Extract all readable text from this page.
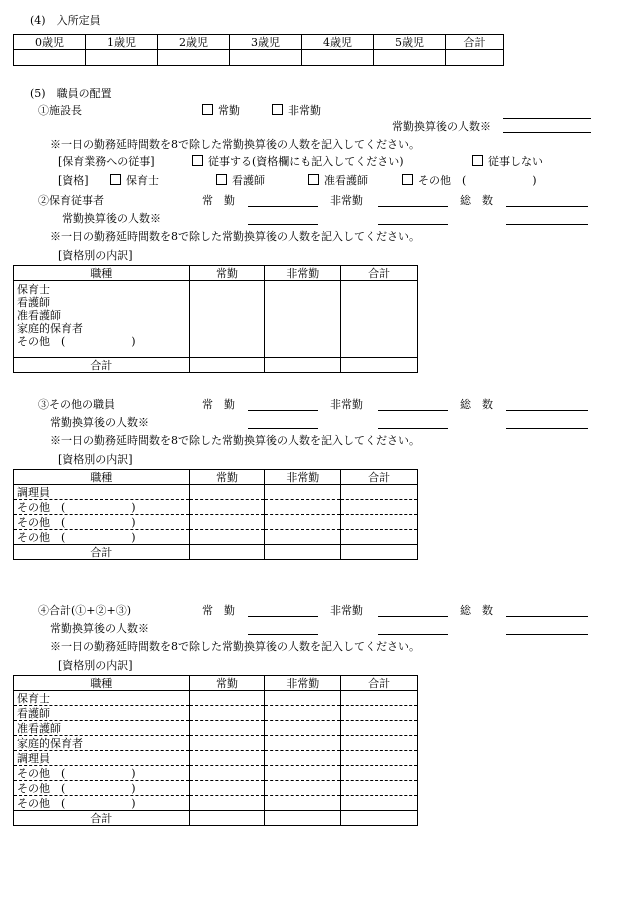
(4)　入所定員
0歳児	1歳児	2歳児	3歳児	4歳児	5歳児	合計

(5)　職員の配置
①施設長	常勤	非常勤
常勤換算後の人数※
※一日の勤務延時間数を8で除した常勤換算後の人数を記入してください。
[保育業務への従事]	従事する(資格欄にも記入してください)	従事しない
[資格]	保育士	看護師	准看護師	その他　 (　　　　　　)
②保育従事者	常　勤	非常勤	総　数
常勤換算後の人数※
※一日の勤務延時間数を8で除した常勤換算後の人数を記入してください。
[資格別の内訳]
職種	常勤	非常勤	合計

保育士
看護師
准看護師
家庭的保育者
その他　(　　　　　　)			

合計			
③その他の職員	常　勤	非常勤	総　数
常勤換算後の人数※
※一日の勤務延時間数を8で除した常勤換算後の人数を記入してください。
[資格別の内訳]
職種	常勤	非常勤	合計
調理員			
その他　(　　　　　　)			
その他　(　　　　　　)			
その他　(　　　　　　)			
合計			
④合計(①+②+③)	常　勤	非常勤	総　数
常勤換算後の人数※
※一日の勤務延時間数を8で除した常勤換算後の人数を記入してください。
[資格別の内訳]
職種	常勤	非常勤	合計
保育士			
看護師			
准看護師			
家庭的保育者			
調理員			
その他　(　　　　　　)			
その他　(　　　　　　)			
その他　(　　　　　　)			
合計			
